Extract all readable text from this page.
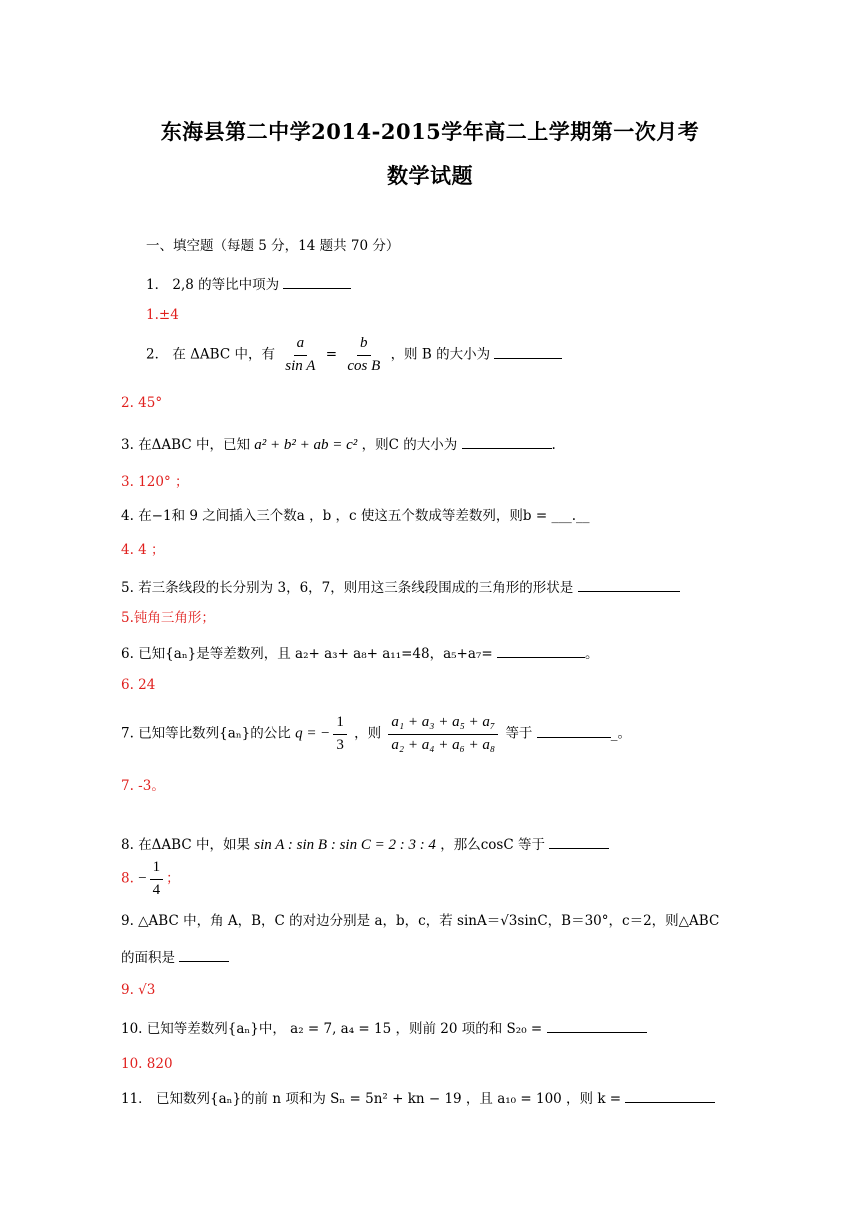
东海县第二中学2014-2015学年高二上学期第一次月考
数学试题
一、填空题（每题 5 分，14 题共 70 分）
1． 2,8 的等比中项为
1.±4
2． 在 ΔABC 中，有 $\frac{a}{\text{sin A}} = \frac{b}{\text{cos B}}$ ，则 B 的大小为
2. 45°
3. 在ΔABC 中，已知 a² + b² + ab = c² ，则C 的大小为	.
3. 120° ；
4. 在−1和 9 之间插入三个数a ，b ，c 使这五个数成等差数列，则b = ___.__
4. 4 ；
5. 若三条线段的长分别为 3，6，7，则用这三条线段围成的三角形的形状是
5.钝角三角形；
6. 已知{aₙ}是等差数列，且 a₂+ a₃+ a₈+ a₁₁=48，a₅+a₇=	。
6. 24
7. 已知等比数列{aₙ}的公比 q = − $\frac{1}{3}$ ，则 $\frac{\text{a₁ + a₃ + a₅ + a₇}}{\text{a₂ + a₄ + a₆ + a₈}}$ 等于	_。
7. -3。
8. 在ΔABC 中，如果 sin A : sin B : sin C = 2 : 3 : 4 ，那么cosC 等于
8. − $\frac{1}{4}$ ；
9. △ABC 中，角 A，B，C 的对边分别是 a，b，c，若 sinA＝√3sinC，B＝30°，c＝2，则△ABC
的面积是
9. √3
10. 已知等差数列{aₙ}中， a₂ = 7, a₄ = 15 ，则前 20 项的和 S₂₀ =
10. 820
11． 已知数列{aₙ}的前 n 项和为 Sₙ = 5n² + kn − 19 ，且 a₁₀ = 100 ，则 k =
